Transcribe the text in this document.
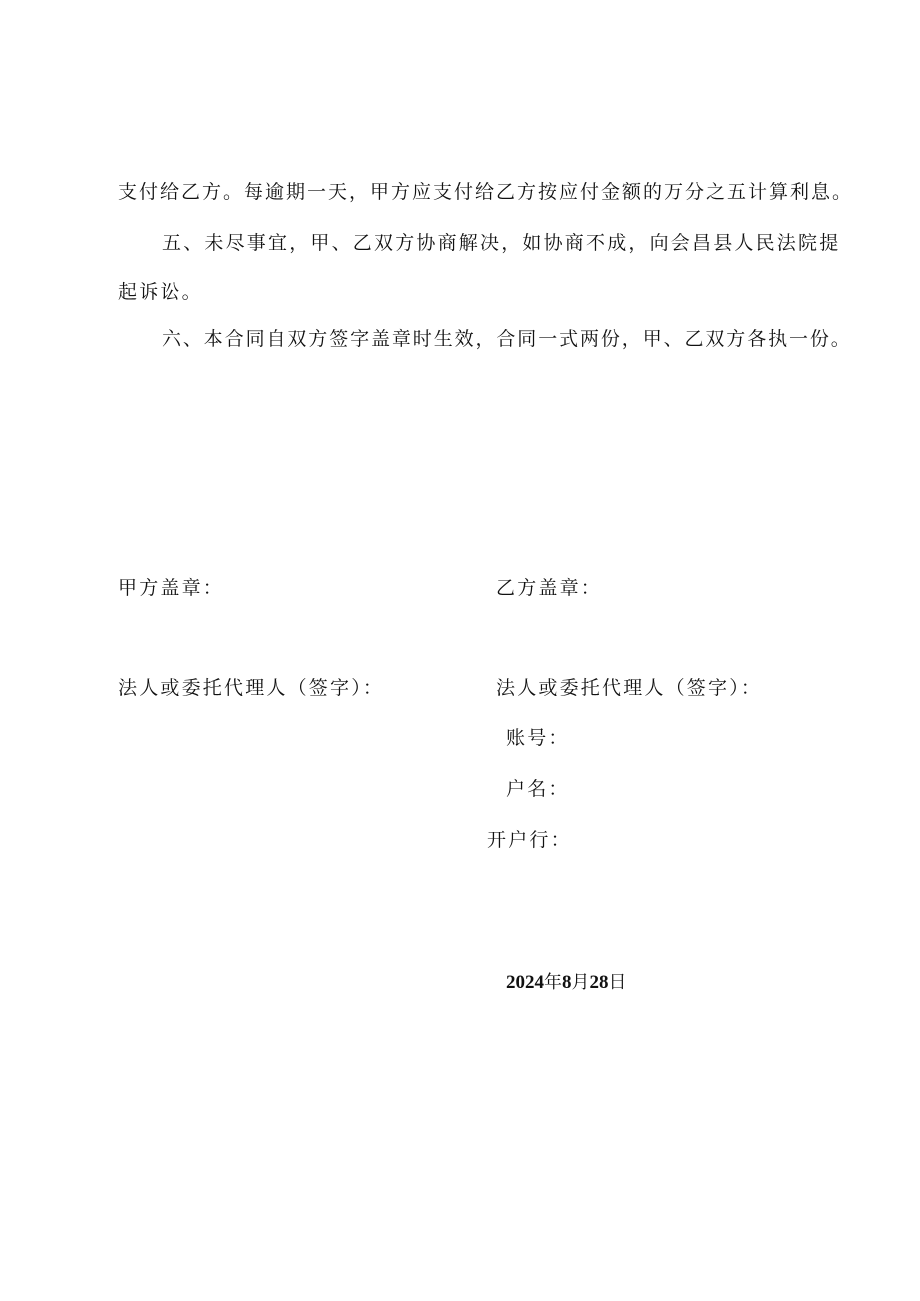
支付给乙方。每逾期一天，甲方应支付给乙方按应付金额的万分之五计算利息。
五、未尽事宜，甲、乙双方协商解决，如协商不成，向会昌县人民法院提
起诉讼。
六、本合同自双方签字盖章时生效，合同一式两份，甲、乙双方各执一份。
甲方盖章：	乙方盖章：
法人或委托代理人（签字）：	法人或委托代理人（签字）：
账号：
户名：
开户行：
2024年8月28日
